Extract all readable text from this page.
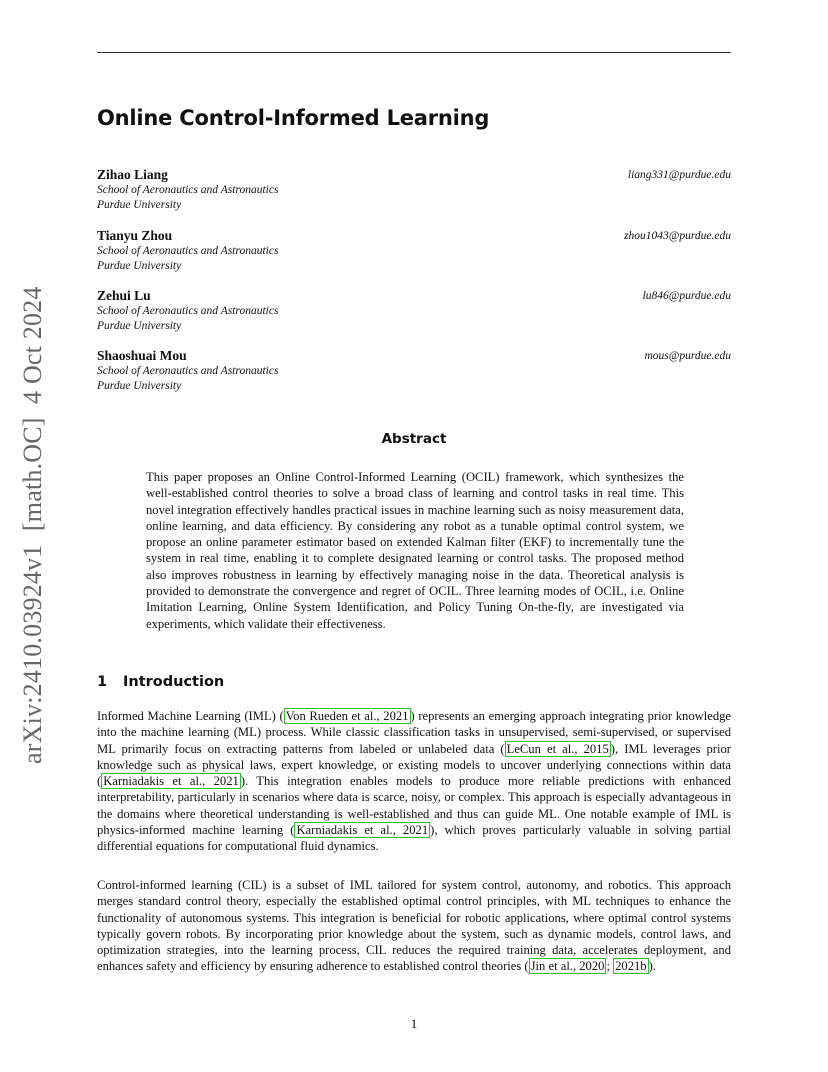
arXiv:2410.03924v1  [math.OC]  4 Oct 2024
Online Control-Informed Learning
Zihao Liang	liang331@purdue.edu
School of Aeronautics and Astronautics
Purdue University
Tianyu Zhou	zhou1043@purdue.edu
School of Aeronautics and Astronautics
Purdue University
Zehui Lu	lu846@purdue.edu
School of Aeronautics and Astronautics
Purdue University
Shaoshuai Mou	mous@purdue.edu
School of Aeronautics and Astronautics
Purdue University
Abstract
This paper proposes an Online Control-Informed Learning (OCIL) framework, which synthesizes the well-established control theories to solve a broad class of learning and control tasks in real time. This novel integration effectively handles practical issues in machine learning such as noisy measurement data, online learning, and data efficiency. By considering any robot as a tunable optimal control system, we propose an online parameter estimator based on extended Kalman filter (EKF) to incrementally tune the system in real time, enabling it to complete designated learning or control tasks. The proposed method also improves robustness in learning by effectively managing noise in the data. Theoretical analysis is provided to demonstrate the convergence and regret of OCIL. Three learning modes of OCIL, i.e. Online Imitation Learning, Online System Identification, and Policy Tuning On-the-fly, are investigated via experiments, which validate their effectiveness.
1 Introduction
Informed Machine Learning (IML) ( Von Rueden et al., 2021 ) represents an emerging approach integrating prior knowledge into the machine learning (ML) process. While classic classification tasks in unsupervised, semi-supervised, or supervised ML primarily focus on extracting patterns from labeled or unlabeled data ( LeCun et al., 2015 ), IML leverages prior knowledge such as physical laws, expert knowledge, or existing models to uncover underlying connections within data ( Karniadakis et al., 2021 ). This integration enables models to produce more reliable predictions with enhanced interpretability, particularly in scenarios where data is scarce, noisy, or complex. This approach is especially advantageous in the domains where theoretical understanding is well-established and thus can guide ML. One notable example of IML is physics-informed machine learning ( Karniadakis et al., 2021 ), which proves particularly valuable in solving partial differential equations for computational fluid dynamics.
Control-informed learning (CIL) is a subset of IML tailored for system control, autonomy, and robotics. This approach merges standard control theory, especially the established optimal control principles, with ML techniques to enhance the functionality of autonomous systems. This integration is beneficial for robotic applications, where optimal control systems typically govern robots. By incorporating prior knowledge about the system, such as dynamic models, control laws, and optimization strategies, into the learning process, CIL reduces the required training data, accelerates deployment, and enhances safety and efficiency by ensuring adherence to established control theories ( Jin et al., 2020 ; 2021b ).
1
